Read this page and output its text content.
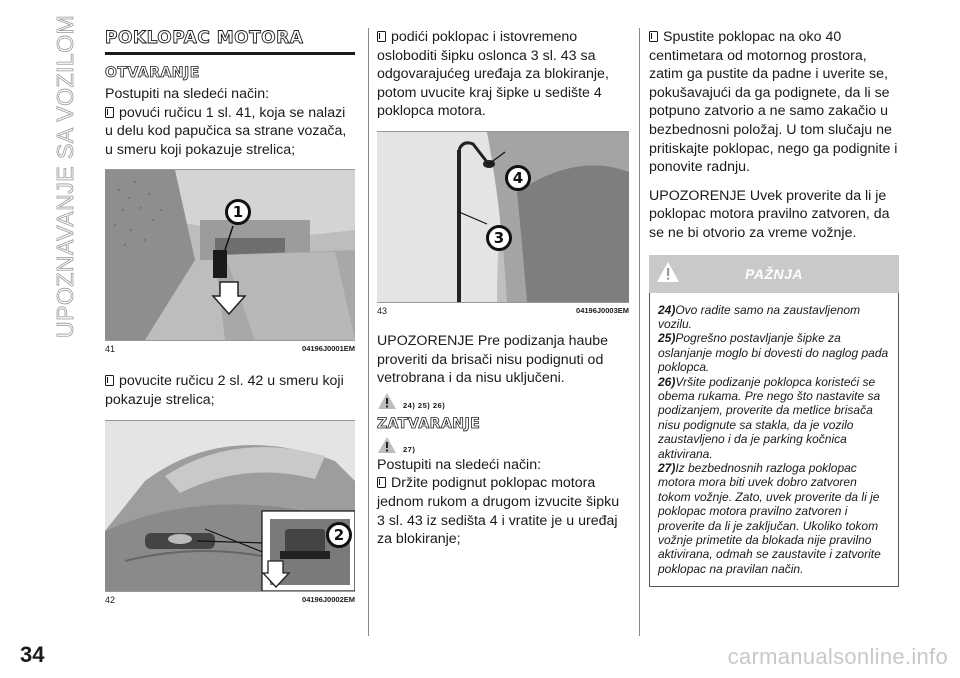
UPOZNAVANJE SA VOZILOM POKLOPAC MOTORA
OTVARANJE

Postupiti na sledeći način:

povući ručicu 1 sl. 41, koja se nalazi u delu kod papučica sa strane vozača, u smeru koji pokazuje strelica;

1
41	04196J0001EM

povucite ručicu 2 sl. 42 u smeru koji pokazuje strelica;

2
42	04196J0002EM

podići poklopac i istovremeno osloboditi šipku oslonca 3 sl. 43 sa odgovarajućeg uređaja za blokiranje, potom uvucite kraj šipke u sedište 4 poklopca motora.

4
3
43	04196J0003EM

UPOZORENJE Pre podizanja haube proveriti da brisači nisu podignuti od vetrobrana i da nisu uključeni.

24) 25) 26)
ZATVARANJE
27)

Postupiti na sledeći način:

Držite podignut poklopac motora jednom rukom a drugom izvucite šipku 3 sl. 43 iz sedišta 4 i vratite je u uređaj za blokiranje;

Spustite poklopac na oko 40 centimetara od motornog prostora, zatim ga pustite da padne i uverite se, pokušavajući da ga podignete, da li se potpuno zatvorio a ne samo zakačio u bezbednosni položaj. U tom slučaju ne pritiskajte poklopac, nego ga podignite i ponovite radnju.

UPOZORENJE Uvek proverite da li je poklopac motora pravilno zatvoren, da se ne bi otvorio za vreme vožnje.

PAŽNJA
24)Ovo radite samo na zaustavljenom vozilu.
25)Pogrešno postavljanje šipke za oslanjanje moglo bi dovesti do naglog pada poklopca.
26)Vršite podizanje poklopca koristeći se obema rukama. Pre nego što nastavite sa podizanjem, proverite da metlice brisača nisu podignute sa stakla, da je vozilo zaustavljeno i da je parking kočnica aktivirana.
27)Iz bezbednosnih razloga poklopac motora mora biti uvek dobro zatvoren tokom vožnje. Zato, uvek proverite da li je poklopac motora pravilno zatvoren i proverite da li je zaključan. Ukoliko tokom vožnje primetite da blokada nije pravilno aktivirana, odmah se zaustavite i zatvorite poklopac na pravilan način.
34	carmanualsonline.info
